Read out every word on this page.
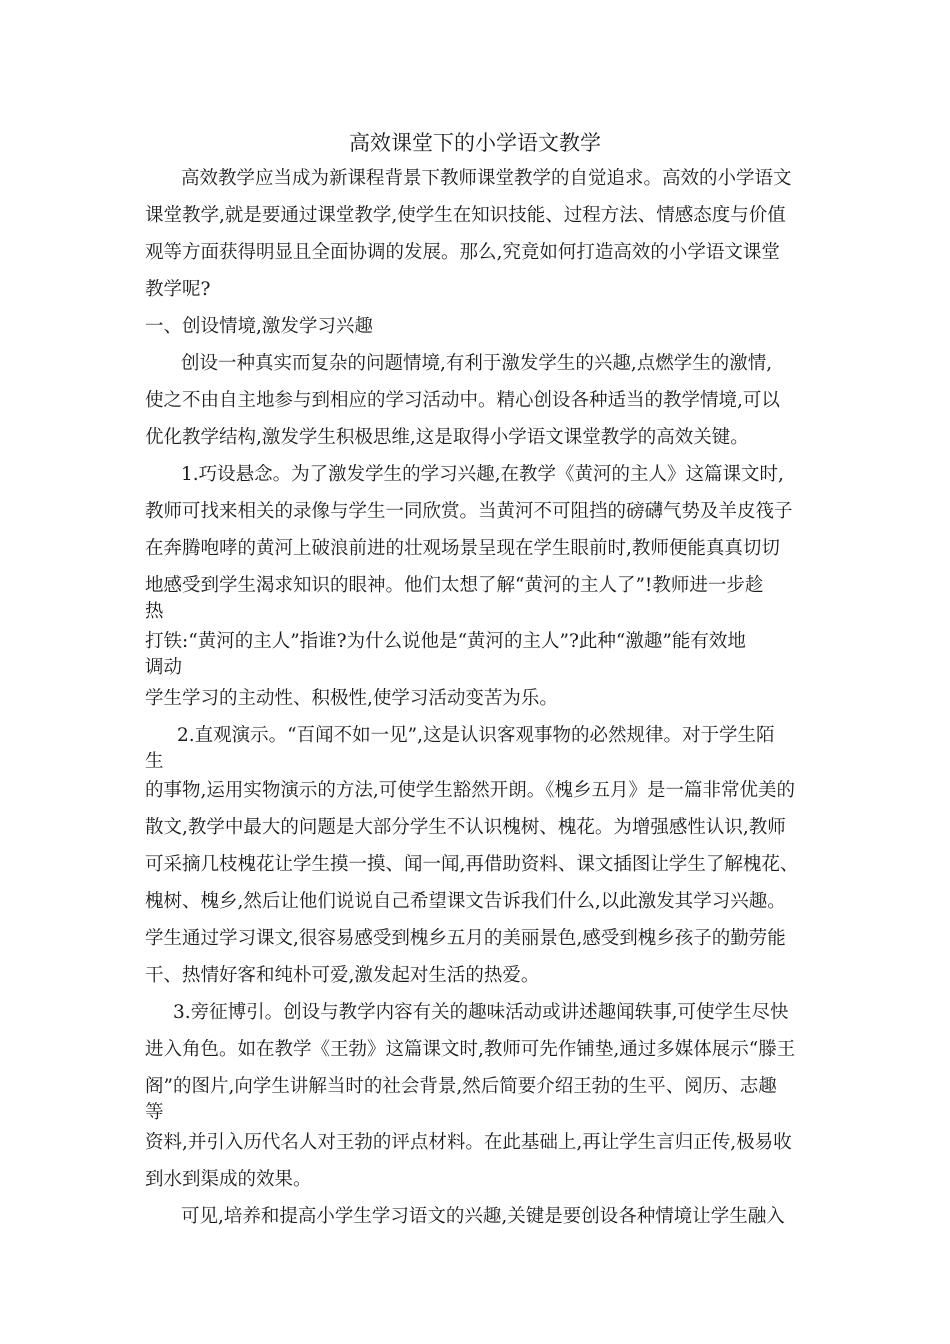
高效课堂下的小学语文教学
高效教学应当成为新课程背景下教师课堂教学的自觉追求。高效的小学语文
课堂教学,就是要通过课堂教学,使学生在知识技能、过程方法、情感态度与价值
观等方面获得明显且全面协调的发展。那么,究竟如何打造高效的小学语文课堂
教学呢?
一、创设情境,激发学习兴趣
创设一种真实而复杂的问题情境,有利于激发学生的兴趣,点燃学生的激情,
使之不由自主地参与到相应的学习活动中。精心创设各种适当的教学情境,可以
优化教学结构,激发学生积极思维,这是取得小学语文课堂教学的高效关键。
1.巧设悬念。为了激发学生的学习兴趣,在教学《黄河的主人》这篇课文时,
教师可找来相关的录像与学生一同欣赏。当黄河不可阻挡的磅礴气势及羊皮筏子
在奔腾咆哮的黄河上破浪前进的壮观场景呈现在学生眼前时,教师便能真真切切
地感受到学生渴求知识的眼神。他们太想了解“黄河的主人了”!教师进一步趁
热
打铁:“黄河的主人”指谁?为什么说他是“黄河的主人”?此种“激趣”能有效地
调动
学生学习的主动性、积极性,使学习活动变苦为乐。
2.直观演示。“百闻不如一见”,这是认识客观事物的必然规律。对于学生陌
生
的事物,运用实物演示的方法,可使学生豁然开朗。《槐乡五月》是一篇非常优美的
散文,教学中最大的问题是大部分学生不认识槐树、槐花。为增强感性认识,教师
可采摘几枝槐花让学生摸一摸、闻一闻,再借助资料、课文插图让学生了解槐花、
槐树、槐乡,然后让他们说说自己希望课文告诉我们什么,以此激发其学习兴趣。
学生通过学习课文,很容易感受到槐乡五月的美丽景色,感受到槐乡孩子的勤劳能
干、热情好客和纯朴可爱,激发起对生活的热爱。
3.旁征博引。创设与教学内容有关的趣味活动或讲述趣闻轶事,可使学生尽快
进入角色。如在教学《王勃》这篇课文时,教师可先作铺垫,通过多媒体展示“滕王
阁”的图片,向学生讲解当时的社会背景,然后简要介绍王勃的生平、阅历、志趣
等
资料,并引入历代名人对王勃的评点材料。在此基础上,再让学生言归正传,极易收
到水到渠成的效果。
可见,培养和提高小学生学习语文的兴趣,关键是要创设各种情境让学生融入
